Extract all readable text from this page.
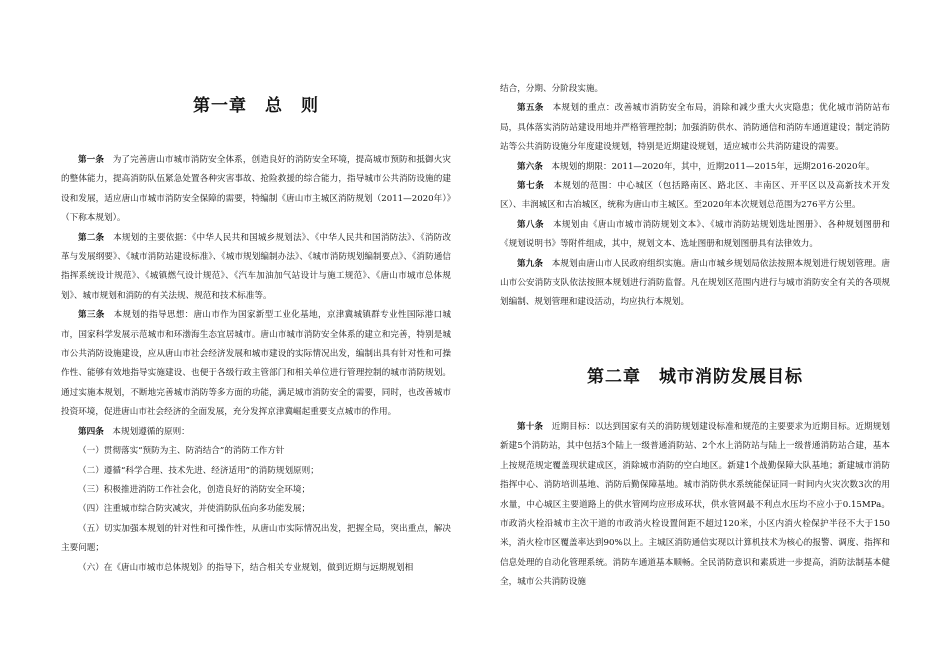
第一章　总　则

第一条　 为了完善唐山市城市消防安全体系，创造良好的消防安全环境，提高城市预防和抵御火灾的整体能力，提高消防队伍紧急处置各种灾害事故、抢险救援的综合能力，指导城市公共消防设施的建设和发展，适应唐山市城市消防安全保障的需要，特编制《唐山市主城区消防规划（2011—2020年）》（下称本规划）。

第二条　 本规划的主要依据：《中华人民共和国城乡规划法》、《中华人民共和国消防法》、《消防改革与发展纲要》、《城市消防站建设标准》、《城市规划编制办法》、《城市消防规划编制要点》、《消防通信指挥系统设计规范》、《城镇燃气设计规范》、《汽车加油加气站设计与施工规范》、《唐山市城市总体规划》、城市规划和消防的有关法规、规范和技术标准等。

第三条　 本规划的指导思想：唐山市作为国家新型工业化基地，京津冀城镇群专业性国际港口城市，国家科学发展示范城市和环渤海生态宜居城市。唐山市城市消防安全体系的建立和完善，特别是城市公共消防设施建设，应从唐山市社会经济发展和城市建设的实际情况出发，编制出具有针对性和可操作性、能够有效地指导实施建设、也便于各级行政主管部门和相关单位进行管理控制的城市消防规划。通过实施本规划，不断地完善城市消防等多方面的功能，满足城市消防安全的需要，同时，也改善城市投资环境，促进唐山市社会经济的全面发展，充分发挥京津冀崛起重要支点城市的作用。

第四条　 本规划遵循的原则：

（一）贯彻落实“预防为主、防消结合”的消防工作方针

（二）遵循“科学合理、技术先进、经济适用”的消防规划原则；

（三）积极推进消防工作社会化，创造良好的消防安全环境；

（四）注重城市综合防灾减灾，并使消防队伍向多功能发展；

（五）切实加强本规划的针对性和可操作性，从唐山市实际情况出发，把握全局，突出重点，解决主要问题；

（六）在《唐山市城市总体规划》的指导下，结合相关专业规划，做到近期与远期规划相

结合，分期、分阶段实施。

第五条　 本规划的重点：改善城市消防安全布局，消除和减少重大火灾隐患；优化城市消防站布局，具体落实消防站建设用地并严格管理控制；加强消防供水、消防通信和消防车通道建设；制定消防站等公共消防设施分年度建设规划，特别是近期建设规划，适应城市公共消防建设的需要。

第六条　 本规划的期限：2011—2020年，其中，近期2011—2015年，远期2016-2020年。

第七条　 本规划的范围：中心城区（包括路南区、路北区、丰南区、开平区以及高新技术开发区）、丰润城区和古冶城区，统称为唐山市主城区。至2020年本次规划总范围为276平方公里。

第八条　 本规划由《唐山市城市消防规划文本》、《城市消防站规划选址图册》、各种规划图册和《规划说明书》等附件组成，其中，规划文本、选址图册和规划图册具有法律效力。

第九条　 本规划由唐山市人民政府组织实施。唐山市城乡规划局依法按照本规划进行规划管理。唐山市公安消防支队依法按照本规划进行消防监督。凡在规划区范围内进行与城市消防安全有关的各项规划编制、规划管理和建设活动，均应执行本规划。

第二章　城市消防发展目标

第十条　 近期目标：以达到国家有关的消防规划建设标准和规范的主要要求为近期目标。近期规划新建5个消防站，其中包括3个陆上一级普通消防站、2个水上消防站与陆上一级普通消防站合建，基本上按规范规定覆盖现状建成区，消除城市消防的空白地区。新建1个战勤保障大队基地；新建城市消防指挥中心、消防培训基地、消防后勤保障基地。城市消防供水系统能保证同一时间内火灾次数3次的用水量，中心城区主要道路上的供水管网均应形成环状，供水管网最不利点水压均不应小于0.15MPa。市政消火栓沿城市主次干道的市政消火栓设置间距不超过120米，小区内消火栓保护半径不大于150米，消火栓市区覆盖率达到90%以上。主城区消防通信实现以计算机技术为核心的报警、调度、指挥和信息处理的自动化管理系统。消防车通道基本顺畅。全民消防意识和素质进一步提高，消防法制基本健全，城市公共消防设施
